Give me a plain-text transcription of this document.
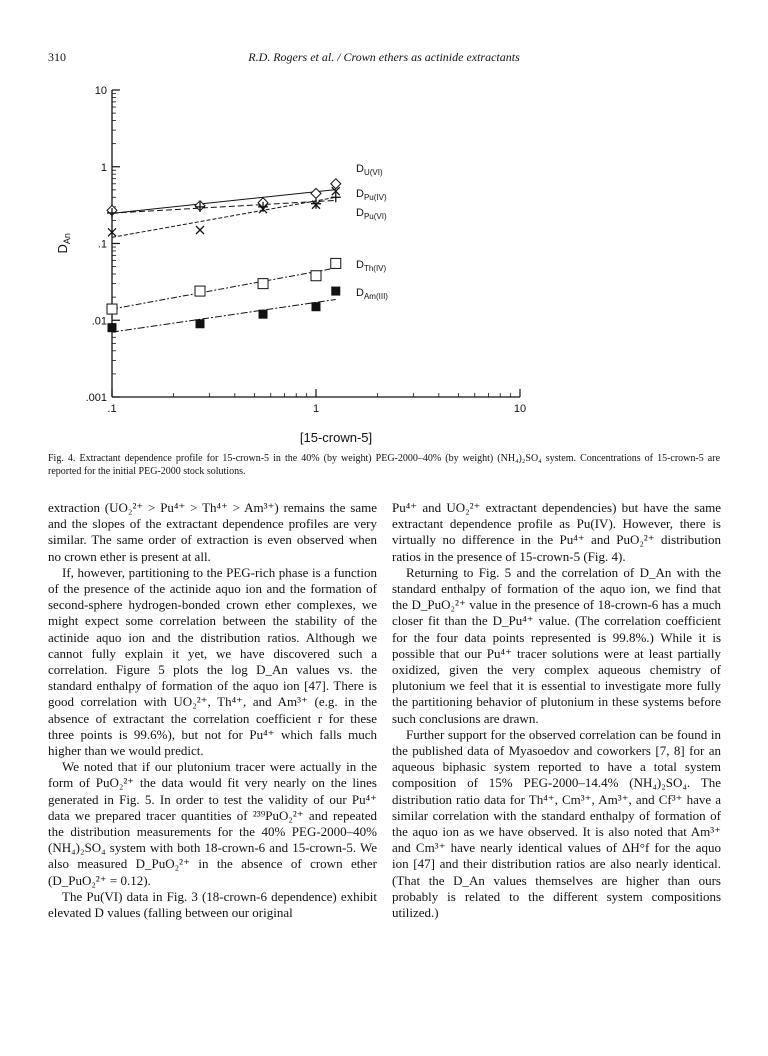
310	R.D. Rogers et al. / Crown ethers as actinide extractants
10
1
.1
.01
.001
.1	1	10
$D_{An}$
$D_{U(VI)}$
$D_{Pu(IV)}$
$D_{Pu(VI)}$
$D_{Th(IV)}$
$D_{Am(III)}$
[15-crown-5]
Fig. 4. Extractant dependence profile for 15-crown-5 in the 40% (by weight) PEG-2000–40% (by weight) (NH₄)₂SO₄ system. Concentrations of 15-crown-5 are reported for the initial PEG-2000 stock solutions.

extraction (UO₂²⁺ > Pu⁴⁺ > Th⁴⁺ > Am³⁺) remains the same and the slopes of the extractant dependence profiles are very similar. The same order of extraction is even observed when no crown ether is present at all.

If, however, partitioning to the PEG-rich phase is a function of the presence of the actinide aquo ion and the formation of second-sphere hydrogen-bonded crown ether complexes, we might expect some correlation between the stability of the actinide aquo ion and the distribution ratios. Although we cannot fully explain it yet, we have discovered such a correlation. Figure 5 plots the log D_An values vs. the standard enthalpy of formation of the aquo ion [47]. There is good correlation with UO₂²⁺, Th⁴⁺, and Am³⁺ (e.g. in the absence of extractant the correlation coefficient r for these three points is 99.6%), but not for Pu⁴⁺ which falls much higher than we would predict.

We noted that if our plutonium tracer were actually in the form of PuO₂²⁺ the data would fit very nearly on the lines generated in Fig. 5. In order to test the validity of our Pu⁴⁺ data we prepared tracer quantities of ²³⁹PuO₂²⁺ and repeated the distribution measurements for the 40% PEG-2000–40% (NH₄)₂SO₄ system with both 18-crown-6 and 15-crown-5. We also measured D_PuO₂²⁺ in the absence of crown ether (D_PuO₂²⁺ = 0.12).

The Pu(VI) data in Fig. 3 (18-crown-6 dependence) exhibit elevated D values (falling between our original

Pu⁴⁺ and UO₂²⁺ extractant dependencies) but have the same extractant dependence profile as Pu(IV). However, there is virtually no difference in the Pu⁴⁺ and PuO₂²⁺ distribution ratios in the presence of 15-crown-5 (Fig. 4).

Returning to Fig. 5 and the correlation of D_An with the standard enthalpy of formation of the aquo ion, we find that the D_PuO₂²⁺ value in the presence of 18-crown-6 has a much closer fit than the D_Pu⁴⁺ value. (The correlation coefficient for the four data points represented is 99.8%.) While it is possible that our Pu⁴⁺ tracer solutions were at least partially oxidized, given the very complex aqueous chemistry of plutonium we feel that it is essential to investigate more fully the partitioning behavior of plutonium in these systems before such conclusions are drawn.

Further support for the observed correlation can be found in the published data of Myasoedov and coworkers [7, 8] for an aqueous biphasic system reported to have a total system composition of 15% PEG-2000–14.4% (NH₄)₂SO₄. The distribution ratio data for Th⁴⁺, Cm³⁺, Am³⁺, and Cf³⁺ have a similar correlation with the standard enthalpy of formation of the aquo ion as we have observed. It is also noted that Am³⁺ and Cm³⁺ have nearly identical values of ΔH°f for the aquo ion [47] and their distribution ratios are also nearly identical. (That the D_An values themselves are higher than ours probably is related to the different system compositions utilized.)
